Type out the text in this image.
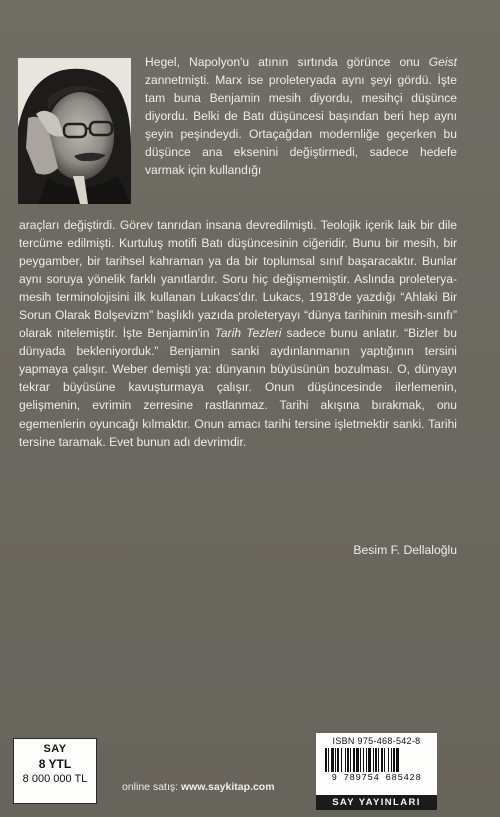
Hegel, Napolyon'u atının sırtında görünce onu Geist zannetmişti. Marx ise proleteryada aynı şeyi gördü. İşte tam buna Benjamin mesih diyordu, mesihçi düşünce diyordu. Belki de Batı düşüncesi başından beri hep aynı şeyin peşindeydi. Ortaçağdan modernliğe geçerken bu düşünce ana eksenini değiştirmedi, sadece hedefe varmak için kullandığı

araçları değiştirdi. Görev tanrıdan insana devredilmişti. Teolojik içerik laik bir dile tercüme edilmişti. Kurtuluş motifi Batı düşüncesinin ciğeridir. Bunu bir mesih, bir peygamber, bir tarihsel kahraman ya da bir toplumsal sınıf başaracaktır. Bunlar aynı soruya yönelik farklı yanıtlardır. Soru hiç değişmemiştir. Aslında proleterya-mesih terminolojisini ilk kullanan Lukacs'dır. Lukacs, 1918'de yazdığı “Ahlaki Bir Sorun Olarak Bolşevizm” başlıklı yazıda proleteryayı “dünya tarihinin mesih-sınıfı” olarak nitelemiştir. İşte Benjamin'in Tarih Tezleri sadece bunu anlatır. “Bizler bu dünyada bekleniyorduk.” Benjamin sanki aydınlanmanın yaptığının tersini yapmaya çalışır. Weber demişti ya: dünyanın büyüsünün bozulması. O, dünyayı tekrar büyüsüne kavuşturmaya çalışır. Onun düşüncesinde ilerlemenin, gelişmenin, evrimin zerresine rastlanmaz. Tarihi akışına bırakmak, onu egemenlerin oyuncağı kılmaktır. Onun amacı tarihi tersine işletmektir sanki. Tarihi tersine taramak. Evet bunun adı devrimdir.

Besim F. Dellaloğlu
SAY
8 YTL
8 000 000 TL
online satış: www.saykitap.com
ISBN 975-468-542-8
9 789754 685428
SAY YAYINLARI
